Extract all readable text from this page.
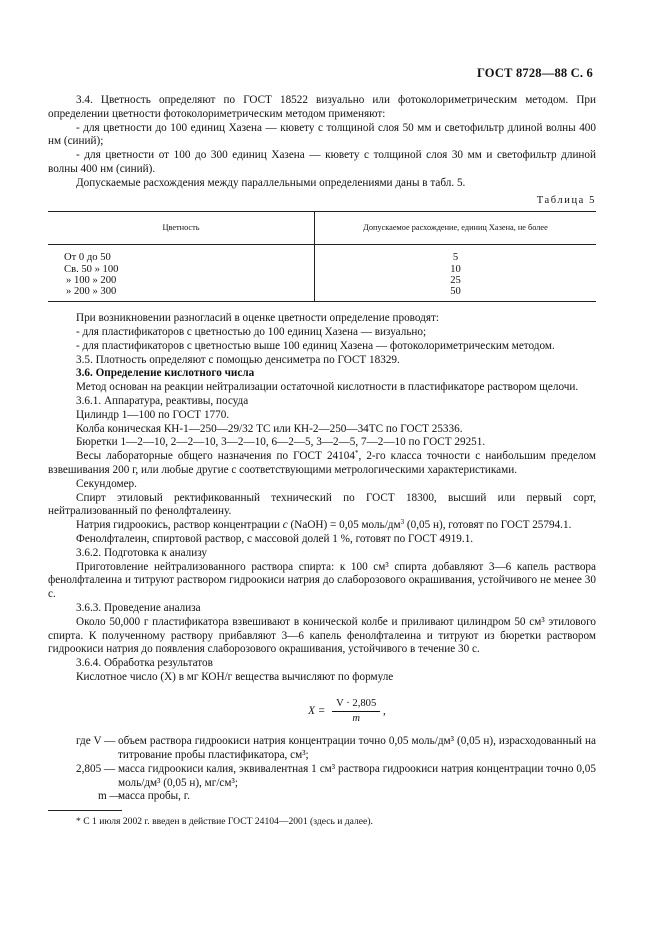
ГОСТ 8728—88 С. 6

3.4. Цветность определяют по ГОСТ 18522 визуально или фотоколориметрическим методом. При определении цветности фотоколориметрическим методом применяют:

- для цветности до 100 единиц Хазена — кювету с толщиной слоя 50 мм и светофильтр длиной волны 400 нм (синий);

- для цветности от 100 до 300 единиц Хазена — кювету с толщиной слоя 30 мм и светофильтр длиной волны 400 нм (синий).

Допускаемые расхождения между параллельными определениями даны в табл. 5.

Таблица 5
Цветность	Допускаемое расхождение, единиц Хазена, не более
От 0 до 50	5
Св. 50 » 100	10
» 100 » 200	25
» 200 » 300	50

При возникновении разногласий в оценке цветности определение проводят:

- для пластификаторов с цветностью до 100 единиц Хазена — визуально;

- для пластификаторов с цветностью выше 100 единиц Хазена — фотоколориметрическим методом.

3.5. Плотность определяют с помощью денсиметра по ГОСТ 18329.

3.6. Определение кислотного числа

Метод основан на реакции нейтрализации остаточной кислотности в пластификаторе раствором щелочи.

3.6.1. Аппаратура, реактивы, посуда

Цилиндр 1—100 по ГОСТ 1770.

Колба коническая КН-1—250—29/32 ТС или КН-2—250—34ТС по ГОСТ 25336.

Бюретки 1—2—10, 2—2—10, 3—2—10, 6—2—5, 3—2—5, 7—2—10 по ГОСТ 29251.

Весы лабораторные общего назначения по ГОСТ 24104*, 2-го класса точности с наибольшим пределом взвешивания 200 г, или любые другие с соответствующими метрологическими характеристиками.

Секундомер.

Спирт этиловый ректификованный технический по ГОСТ 18300, высший или первый сорт, нейтрализованный по фенолфталеину.

Натрия гидроокись, раствор концентрации c (NaOH) = 0,05 моль/$дм^3$ (0,05 н), готовят по ГОСТ 25794.1.

Фенолфталеин, спиртовой раствор, с массовой долей 1 %, готовят по ГОСТ 4919.1.

3.6.2. Подготовка к анализу

Приготовление нейтрализованного раствора спирта: к 100 см³ спирта добавляют 3—6 капель раствора фенолфталеина и титруют раствором гидроокиси натрия до слаборозового окрашивания, устойчивого не менее 30 с.

3.6.3. Проведение анализа

Около 50,000 г пластификатора взвешивают в конической колбе и приливают цилиндром 50 см³ этилового спирта. К полученному раствору прибавляют 3—6 капель фенолфталеина и титруют из бюретки раствором гидроокиси натрия до появления слаборозового окрашивания, устойчивого в течение 30 с.

3.6.4. Обработка результатов

Кислотное число (X) в мг КОН/г вещества вычисляют по формуле

$X = \frac{V \cdot 2,805}{m}$ ,

где V — объем раствора гидроокиси натрия концентрации точно 0,05 моль/дм³ (0,05 н), израсходованный на титрование пробы пластификатора, см³;

2,805 — масса гидроокиси калия, эквивалентная 1 см³ раствора гидроокиси натрия концентрации точно 0,05 моль/дм³ (0,05 н), мг/см³;

m —
масса пробы, г.

* С 1 июля 2002 г. введен в действие ГОСТ 24104—2001 (здесь и далее).
